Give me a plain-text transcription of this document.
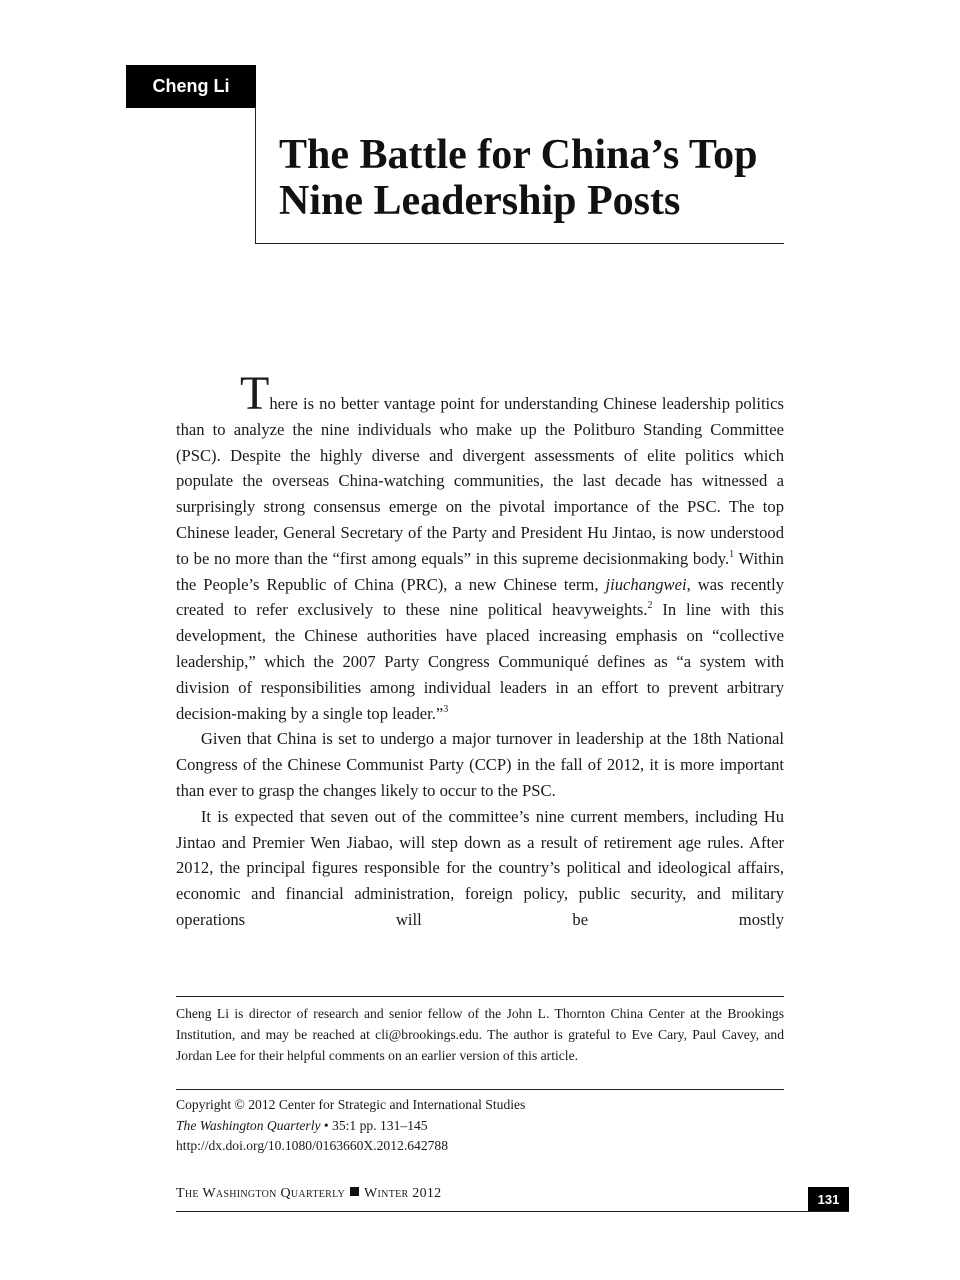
Cheng Li
The Battle for China’s Top Nine Leadership Posts

There is no better vantage point for understanding Chinese leadership politics than to analyze the nine individuals who make up the Politburo Standing Committee (PSC). Despite the highly diverse and divergent assessments of elite politics which populate the overseas China-watching communities, the last decade has witnessed a surprisingly strong consensus emerge on the pivotal importance of the PSC. The top Chinese leader, General Secretary of the Party and President Hu Jintao, is now understood to be no more than the “first among equals” in this supreme decisionmaking body.$^1$ Within the People’s Republic of China (PRC), a new Chinese term, jiuchangwei, was recently created to refer exclusively to these nine political heavyweights.$^2$ In line with this development, the Chinese authorities have placed increasing emphasis on “collective leadership,” which the 2007 Party Congress Communiqué defines as “a system with division of responsibilities among individual leaders in an effort to prevent arbitrary decision-making by a single top leader.”$^3$

Given that China is set to undergo a major turnover in leadership at the 18th National Congress of the Chinese Communist Party (CCP) in the fall of 2012, it is more important than ever to grasp the changes likely to occur to the PSC.

It is expected that seven out of the committee’s nine current members, including Hu Jintao and Premier Wen Jiabao, will step down as a result of retirement age rules. After 2012, the principal figures responsible for the country’s political and ideological affairs, economic and financial administration, foreign policy, public security, and military operations will be mostly

Cheng Li is director of research and senior fellow of the John L. Thornton China Center at the Brookings Institution, and may be reached at cli@brookings.edu. The author is grateful to Eve Cary, Paul Cavey, and Jordan Lee for their helpful comments on an earlier version of this article.

Copyright © 2012 Center for Strategic and International Studies
The Washington Quarterly • 35:1 pp. 131–145
http://dx.doi.org/10.1080/0163660X.2012.642788
The Washington Quarterly Winter 2012	131
